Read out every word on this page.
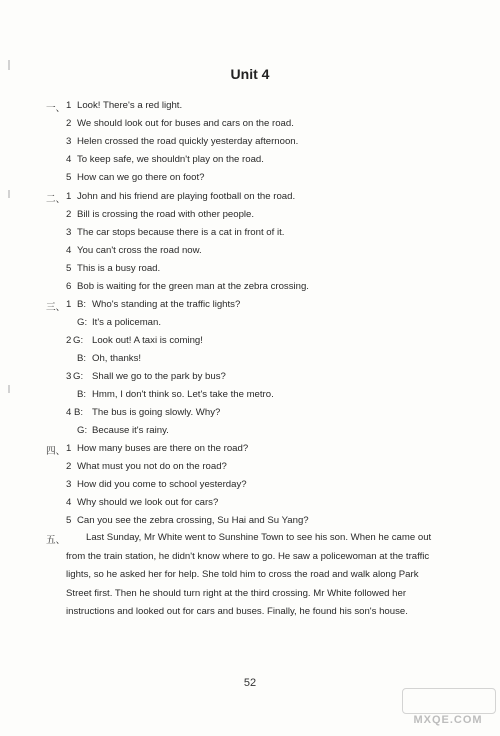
Unit 4
一、 1 Look! There's a red light.
2 We should look out for buses and cars on the road.
3 Helen crossed the road quickly yesterday afternoon.
4 To keep safe, we shouldn't play on the road.
5 How can we go there on foot?
二、 1 John and his friend are playing football on the road.
2 Bill is crossing the road with other people.
3 The car stops because there is a cat in front of it.
4 You can't cross the road now.
5 This is a busy road.
6 Bob is waiting for the green man at the zebra crossing.
三、 1 B: Who's standing at the traffic lights?
G: It's a policeman.
2 G: Look out! A taxi is coming!
B: Oh, thanks!
3 G: Shall we go to the park by bus?
B: Hmm, I don't think so. Let's take the metro.
4 B: The bus is going slowly. Why?
G: Because it's rainy.
四、 1 How many buses are there on the road?
2 What must you not do on the road?
3 How did you come to school yesterday?
4 Why should we look out for cars?
5 Can you see the zebra crossing, Su Hai and Su Yang?
五、	Last Sunday, Mr White went to Sunshine Town to see his son. When he came out from the train station, he didn't know where to go. He saw a policewoman at the traffic lights, so he asked her for help. She told him to cross the road and walk along Park Street first. Then he should turn right at the third crossing. Mr White followed her instructions and looked out for cars and buses. Finally, he found his son's house.
52
MXQE.COM
